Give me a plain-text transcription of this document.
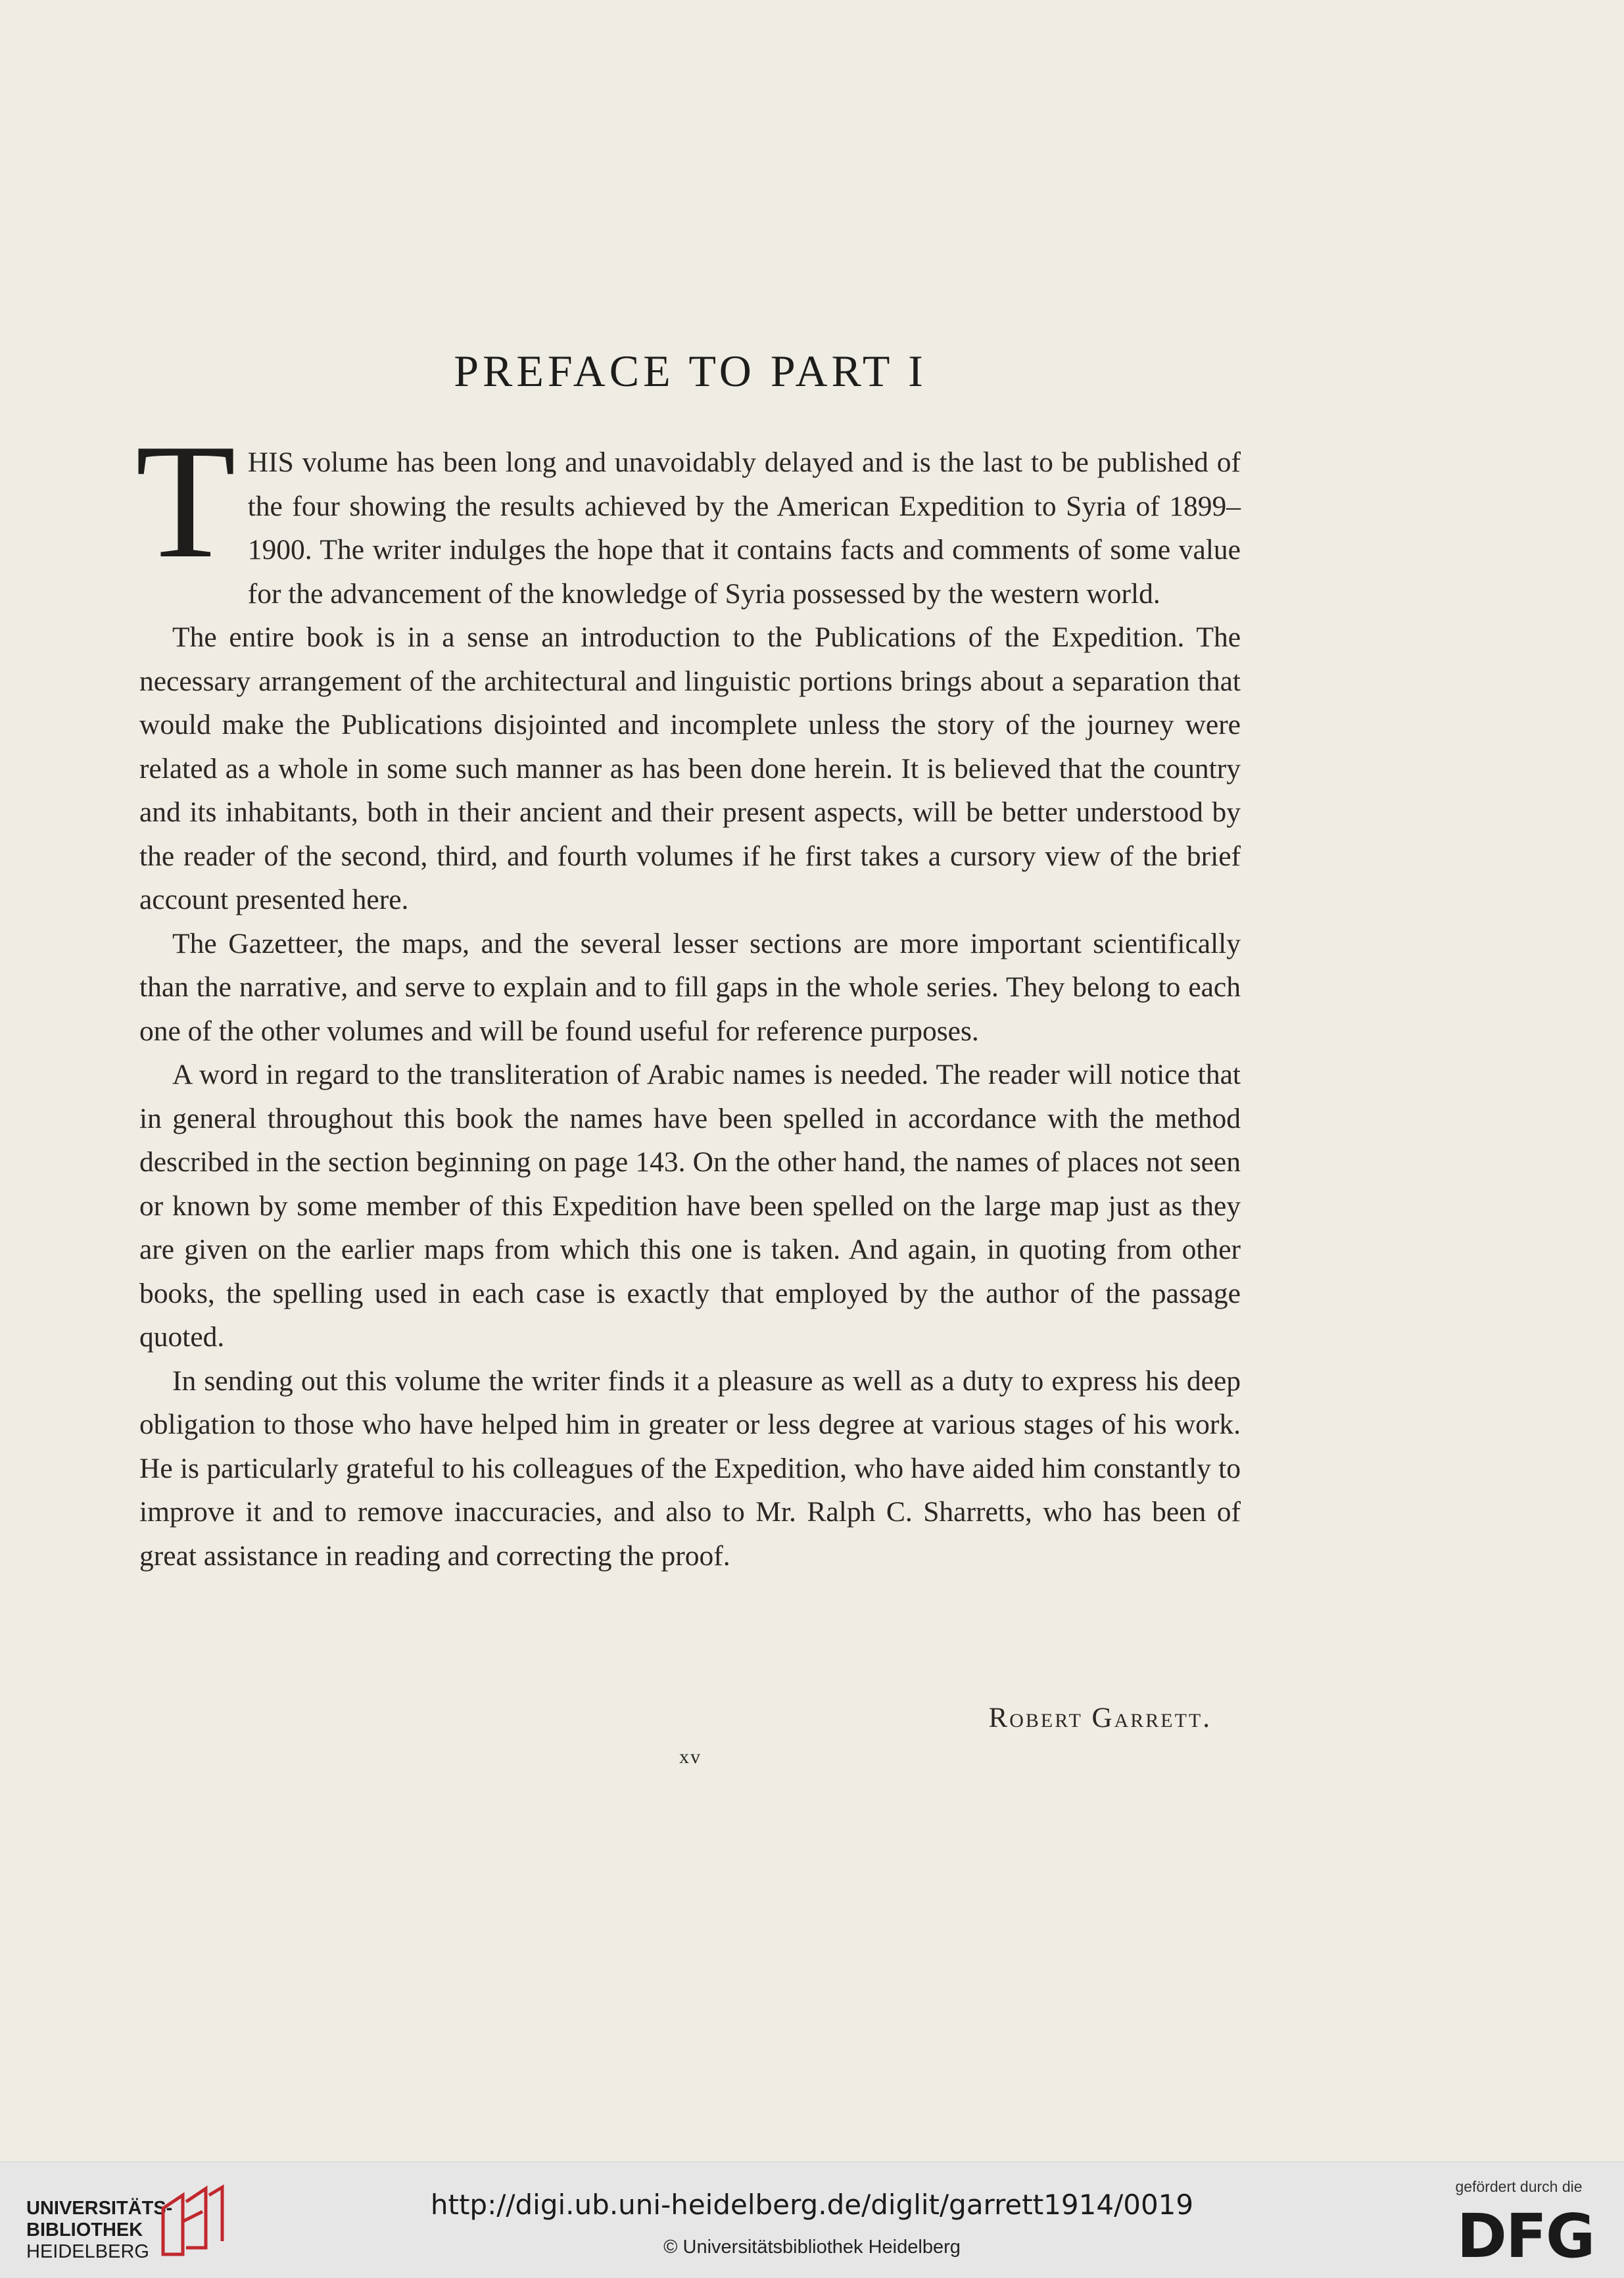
PREFACE TO PART I

THIS volume has been long and unavoidably delayed and is the last to be published of the four showing the results achieved by the American Expedition to Syria of 1899–1900. The writer indulges the hope that it contains facts and comments of some value for the advancement of the knowledge of Syria possessed by the western world.

The entire book is in a sense an introduction to the Publications of the Expedition. The necessary arrangement of the architectural and linguistic portions brings about a separation that would make the Publications disjointed and incomplete unless the story of the journey were related as a whole in some such manner as has been done herein. It is believed that the country and its inhabitants, both in their ancient and their present aspects, will be better understood by the reader of the second, third, and fourth volumes if he first takes a cursory view of the brief account presented here.

The Gazetteer, the maps, and the several lesser sections are more important scientifically than the narrative, and serve to explain and to fill gaps in the whole series. They belong to each one of the other volumes and will be found useful for reference purposes.

A word in regard to the transliteration of Arabic names is needed. The reader will notice that in general throughout this book the names have been spelled in accordance with the method described in the section beginning on page 143. On the other hand, the names of places not seen or known by some member of this Expedition have been spelled on the large map just as they are given on the earlier maps from which this one is taken. And again, in quoting from other books, the spelling used in each case is exactly that employed by the author of the passage quoted.

In sending out this volume the writer finds it a pleasure as well as a duty to express his deep obligation to those who have helped him in greater or less degree at various stages of his work. He is particularly grateful to his colleagues of the Expedition, who have aided him constantly to improve it and to remove inaccuracies, and also to Mr. Ralph C. Sharretts, who has been of great assistance in reading and correcting the proof.

Robert Garrett.
xv
UNIVERSITÄTS-
BIBLIOTHEK
HEIDELBERG
http://digi.ub.uni-heidelberg.de/diglit/garrett1914/0019
© Universitätsbibliothek Heidelberg
gefördert durch die
DFG
